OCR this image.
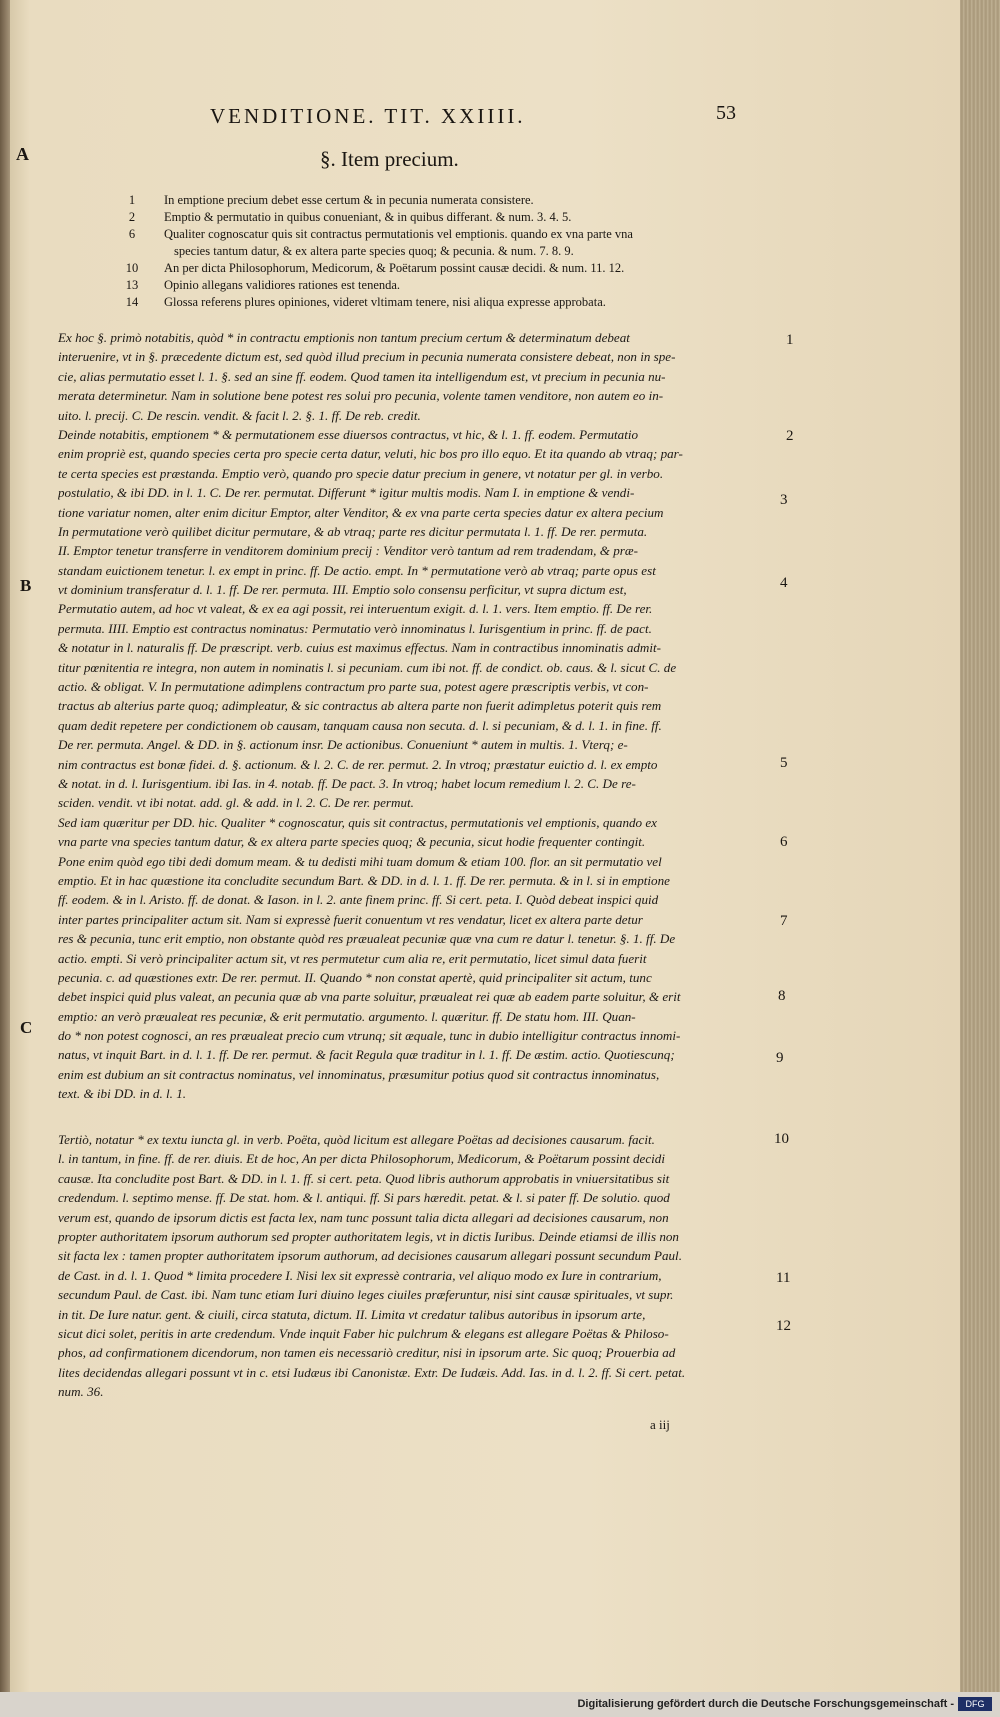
VENDITIONE. TIT. XXIIII.	53
A	§. Item precium.
1	In emptione precium debet esse certum & in pecunia numerata consistere.
2	Emptio & permutatio in quibus conueniant, & in quibus differant. & num. 3. 4. 5.
6	Qualiter cognoscatur quis sit contractus permutationis vel emptionis. quando ex vna parte vna
species tantum datur, & ex altera parte species quoq; & pecunia. & num. 7. 8. 9.
10	An per dicta Philosophorum, Medicorum, & Poëtarum possint causæ decidi. & num. 11. 12.
13	Opinio allegans validiores rationes est tenenda.
14	Glossa referens plures opiniones, videret vltimam tenere, nisi aliqua expresse approbata.
Ex hoc §. primò notabitis, quòd * in contractu emptionis non tantum precium certum & determinatum debeat
interuenire, vt in §. præcedente dictum est, sed quòd illud precium in pecunia numerata consistere debeat, non in spe-
cie, alias permutatio esset l. 1. §. sed an sine ff. eodem. Quod tamen ita intelligendum est, vt precium in pecunia nu-
merata determinetur. Nam in solutione bene potest res solui pro pecunia, volente tamen venditore, non autem eo in-
uito. l. precij. C. De rescin. vendit. & facit l. 2. §. 1. ff. De reb. credit.
Deinde notabitis, emptionem * & permutationem esse diuersos contractus, vt hic, & l. 1. ff. eodem. Permutatio
enim propriè est, quando species certa pro specie certa datur, veluti, hic bos pro illo equo. Et ita quando ab vtraq; par-
te certa species est præstanda. Emptio verò, quando pro specie datur precium in genere, vt notatur per gl. in verbo.
postulatio, & ibi DD. in l. 1. C. De rer. permutat. Differunt * igitur multis modis. Nam I. in emptione & vendi-
tione variatur nomen, alter enim dicitur Emptor, alter Venditor, & ex vna parte certa species datur ex altera pecium
In permutatione verò quilibet dicitur permutare, & ab vtraq; parte res dicitur permutata l. 1. ff. De rer. permuta.
II. Emptor tenetur transferre in venditorem dominium precij : Venditor verò tantum ad rem tradendam, & præ-
standam euictionem tenetur. l. ex empt in princ. ff. De actio. empt. In * permutatione verò ab vtraq; parte opus est
vt dominium transferatur d. l. 1. ff. De rer. permuta. III. Emptio solo consensu perficitur, vt supra dictum est,
Permutatio autem, ad hoc vt valeat, & ex ea agi possit, rei interuentum exigit. d. l. 1. vers. Item emptio. ff. De rer.
permuta. IIII. Emptio est contractus nominatus: Permutatio verò innominatus l. Iurisgentium in princ. ff. de pact.
& notatur in l. naturalis ff. De præscript. verb. cuius est maximus effectus. Nam in contractibus innominatis admit-
titur pœnitentia re integra, non autem in nominatis l. si pecuniam. cum ibi not. ff. de condict. ob. caus. & l. sicut C. de
actio. & obligat. V. In permutatione adimplens contractum pro parte sua, potest agere præscriptis verbis, vt con-
tractus ab alterius parte quoq; adimpleatur, & sic contractus ab altera parte non fuerit adimpletus poterit quis rem
quam dedit repetere per condictionem ob causam, tanquam causa non secuta. d. l. si pecuniam, & d. l. 1. in fine. ff.
De rer. permuta. Angel. & DD. in §. actionum insr. De actionibus. Conueniunt * autem in multis. 1. Vterq; e-
nim contractus est bonæ fidei. d. §. actionum. & l. 2. C. de rer. permut. 2. In vtroq; præstatur euictio d. l. ex empto
& notat. in d. l. Iurisgentium. ibi Ias. in 4. notab. ff. De pact. 3. In vtroq; habet locum remedium l. 2. C. De re-
sciden. vendit. vt ibi notat. add. gl. & add. in l. 2. C. De rer. permut.
Sed iam quæritur per DD. hic. Qualiter * cognoscatur, quis sit contractus, permutationis vel emptionis, quando ex
vna parte vna species tantum datur, & ex altera parte species quoq; & pecunia, sicut hodie frequenter contingit.
Pone enim quòd ego tibi dedi domum meam. & tu dedisti mihi tuam domum & etiam 100. flor. an sit permutatio vel
emptio. Et in hac quæstione ita concludite secundum Bart. & DD. in d. l. 1. ff. De rer. permuta. & in l. si in emptione
ff. eodem. & in l. Aristo. ff. de donat. & Iason. in l. 2. ante finem princ. ff. Si cert. peta. I. Quòd debeat inspici quid
inter partes principaliter actum sit. Nam si expressè fuerit conuentum vt res vendatur, licet ex altera parte detur
res & pecunia, tunc erit emptio, non obstante quòd res præualeat pecuniæ quæ vna cum re datur l. tenetur. §. 1. ff. De
actio. empti. Si verò principaliter actum sit, vt res permutetur cum alia re, erit permutatio, licet simul data fuerit
pecunia. c. ad quæstiones extr. De rer. permut. II. Quando * non constat apertè, quid principaliter sit actum, tunc
debet inspici quid plus valeat, an pecunia quæ ab vna parte soluitur, præualeat rei quæ ab eadem parte soluitur, & erit
emptio: an verò præualeat res pecuniæ, & erit permutatio. argumento. l. quæritur. ff. De statu hom. III. Quan-
do * non potest cognosci, an res præualeat precio cum vtrunq; sit æquale, tunc in dubio intelligitur contractus innomi-
natus, vt inquit Bart. in d. l. 1. ff. De rer. permut. & facit Regula quæ traditur in l. 1. ff. De æstim. actio. Quotiescunq;
enim est dubium an sit contractus nominatus, vel innominatus, præsumitur potius quod sit contractus innominatus,
text. & ibi DD. in d. l. 1.
Tertiò, notatur * ex textu iuncta gl. in verb. Poëta, quòd licitum est allegare Poëtas ad decisiones causarum. facit.
l. in tantum, in fine. ff. de rer. diuis. Et de hoc, An per dicta Philosophorum, Medicorum, & Poëtarum possint decidi
causæ. Ita concludite post Bart. & DD. in l. 1. ff. si cert. peta. Quod libris authorum approbatis in vniuersitatibus sit
credendum. l. septimo mense. ff. De stat. hom. & l. antiqui. ff. Si pars hæredit. petat. & l. si pater ff. De solutio. quod
verum est, quando de ipsorum dictis est facta lex, nam tunc possunt talia dicta allegari ad decisiones causarum, non
propter authoritatem ipsorum authorum sed propter authoritatem legis, vt in dictis Iuribus. Deinde etiamsi de illis non
sit facta lex : tamen propter authoritatem ipsorum authorum, ad decisiones causarum allegari possunt secundum Paul.
de Cast. in d. l. 1. Quod * limita procedere I. Nisi lex sit expressè contraria, vel aliquo modo ex Iure in contrarium,
secundum Paul. de Cast. ibi. Nam tunc etiam Iuri diuino leges ciuiles præferuntur, nisi sint causæ spirituales, vt supr.
in tit. De Iure natur. gent. & ciuili, circa statuta, dictum. II. Limita vt credatur talibus autoribus in ipsorum arte,
sicut dici solet, peritis in arte credendum. Vnde inquit Faber hic pulchrum & elegans est allegare Poëtas & Philoso-
phos, ad confirmationem dicendorum, non tamen eis necessariò creditur, nisi in ipsorum arte. Sic quoq; Prouerbia ad
lites decidendas allegari possunt vt in c. etsi Iudæus ibi Canonistæ. Extr. De Iudæis. Add. Ias. in d. l. 2. ff. Si cert. petat.
num. 36.
1
2
3
4
5
6
7
8
9
10
11
12
B
C
a iij
Digitalisierung gefördert durch die Deutsche Forschungsgemeinschaft -	DFG
